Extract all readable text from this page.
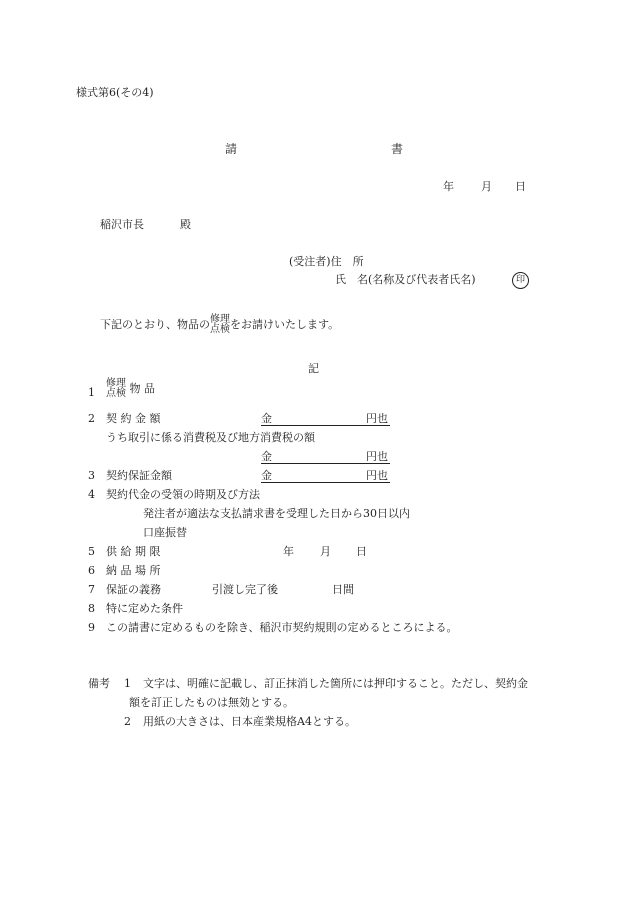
様式第6(その4)
請	書
年 月 日
稲沢市長	殿
(受注者)住　所
氏　名(名称及び代表者氏名)	印
下記のとおり、物品の 修理
点検 をお請けいたします。
記
1
修理
点検 物 品
2 契 約 金 額	金	円也
うち取引に係る消費税及び地方消費税の額
金	円也
3 契約保証金額	金	円也
4 契約代金の受領の時期及び方法
発注者が適法な支払請求書を受理した日から30日以内
口座振替
5 供 給 期 限	年 月 日
6 納 品 場 所
7 保証の義務	引渡し完了後	日間
8 特に定めた条件
9 この請書に定めるものを除き、稲沢市契約規則の定めるところによる。
備考 1 文字は、明確に記載し、訂正抹消した箇所には押印すること。ただし、契約金
額を訂正したものは無効とする。
2 用紙の大きさは、日本産業規格A4とする。
